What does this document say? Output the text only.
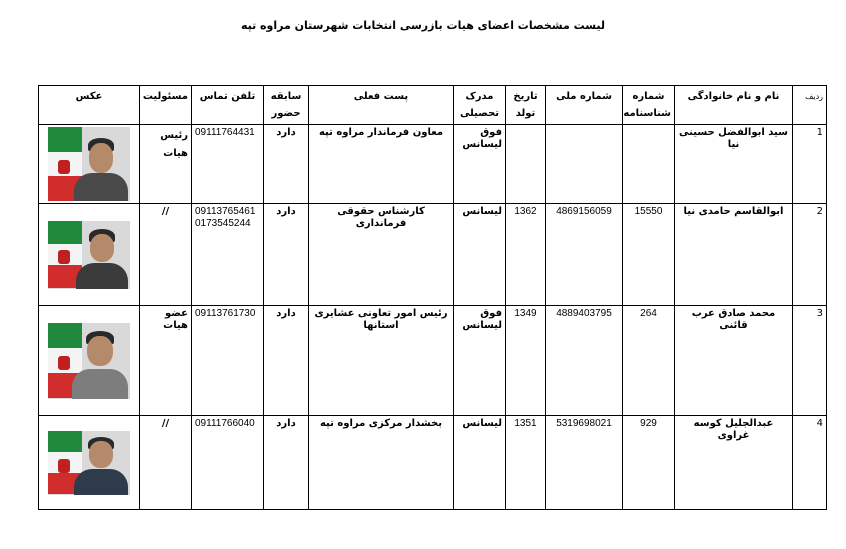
لیست مشخصات اعضای هیات بازرسی انتخابات شهرستان مراوه تپه
ردیف	نام و نام خانوادگی	شماره شناسنامه	شماره ملی	تاریخ تولد	مدرک تحصیلی	پست فعلی	سابقه حضور	تلفن تماس	مسئولیت	عکس
1	سید ابوالفضل حسینی نیا				فوق لیسانس	معاون فرماندار مراوه تپه	دارد	09111764431	رئیس هیات	

2	ابوالقاسم حامدی نیا	15550	4869156059	1362	لیسانس	کارشناس حقوقی فرمانداری	دارد	09113765461 0173545244	//	

3	محمد صادق عرب قائنی	264	4889403795	1349	فوق لیسانس	رئیس امور تعاونی عشایری استانها	دارد	09113761730	عضو هیات	

4	عبدالجلیل کوسه غراوی	929	5319698021	1351	لیسانس	بخشدار مرکزی مراوه تپه	دارد	09111766040	//	
